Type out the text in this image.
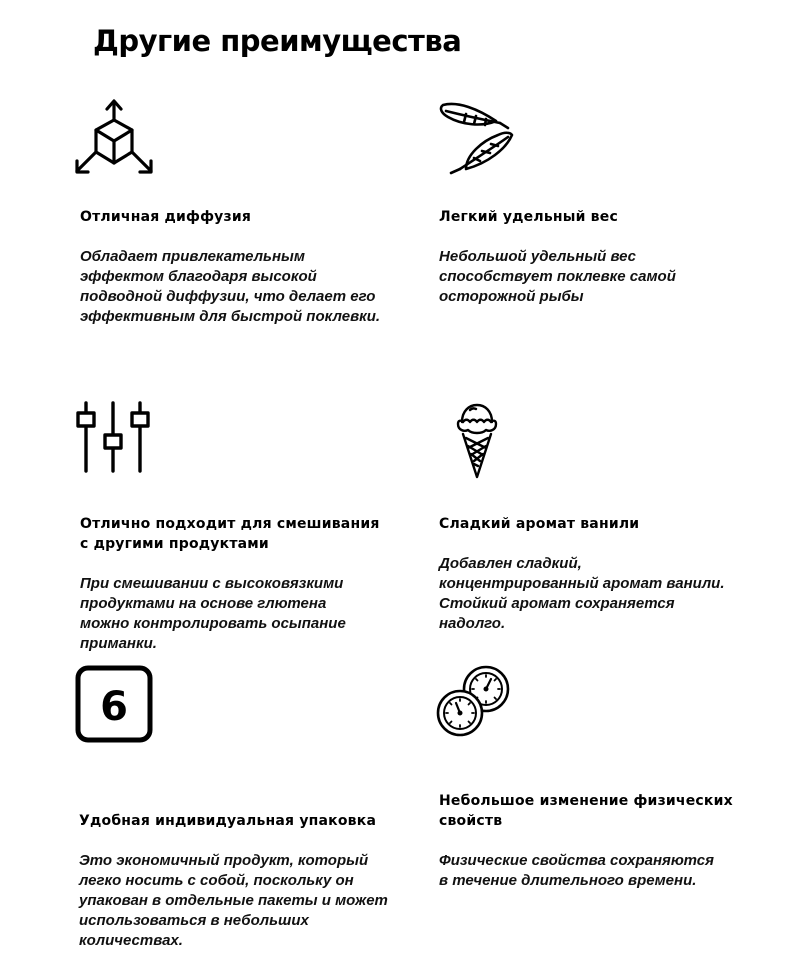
Другие преимущества
Отличная диффузия

Обладает привлекательным эффектом благодаря высокой подводной диффузии, что делает его эффективным для быстрой поклевки.

Легкий удельный вес

Небольшой удельный вес способствует поклевке самой осторожной рыбы

Отлично подходит для смешивания с другими продуктами

При смешивании с высоковязкими продуктами на основе глютена можно контролировать осыпание приманки.

Сладкий аромат ванили

Добавлен сладкий, концентрированный аромат ванили. Стойкий аромат сохраняется надолго.

6
Удобная индивидуальная упаковка

Это экономичный продукт, который легко носить с собой, поскольку он упакован в отдельные пакеты и может использоваться в небольших количествах.

Небольшое изменение физических свойств

Физические свойства сохраняются в течение длительного времени.
